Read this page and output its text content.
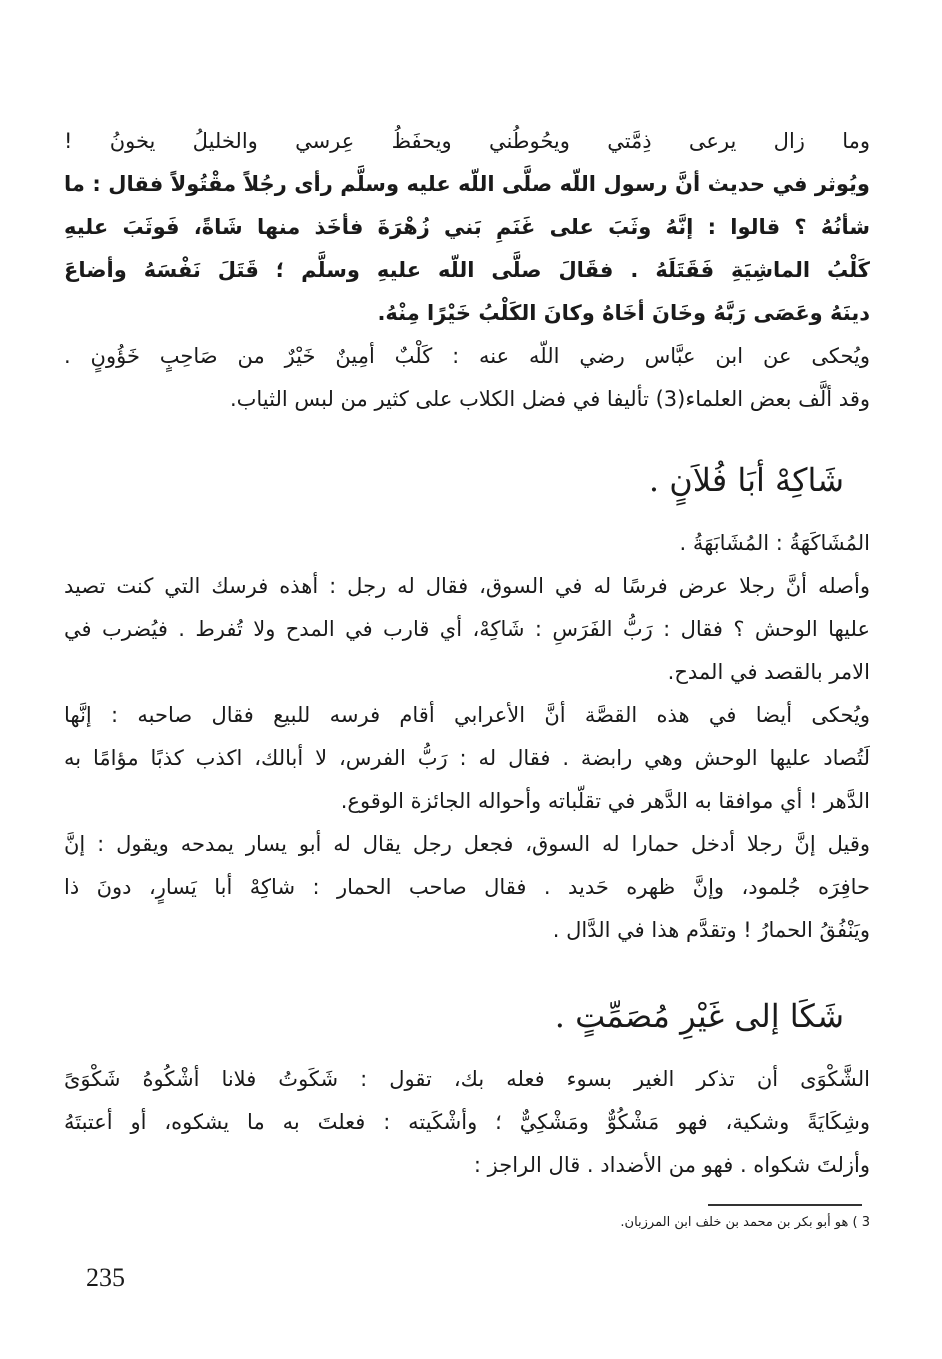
وما زال يرعى ذِمَّتي ويحُوطُني ويحفَظُ عِرسي والخليلُ يخونُ !
ويُوثر في حديث أنَّ رسول اللّه صلَّى اللّه عليه وسلَّم رأى رجُلاً مقْتُولاً فقال : ما
شأنُهُ ؟ قالوا : إنَّهُ وثَبَ على غَنَمِ بَني زُهْرَةَ فأخَذ منها شَاةً، فَوثَبَ عليهِ
كَلْبُ الماشِيَةِ فَقَتَلَهُ . فقَالَ صلَّى اللّه عليهِ وسلَّم ؛ قَتَلَ نَفْسَهُ وأضاعَ
دينَهُ وعَصَى رَبَّهُ وخَانَ أخَاهُ وكانَ الكَلْبُ خَيْرًا مِنْهُ.
ويُحكى عن ابن عبَّاس رضي اللّه عنه : كَلْبٌ أمِينٌ خَيْرٌ من صَاحِبٍ خَؤُونٍ .
وقد ألَّف بعض العلماء(3) تأليفا في فضل الكلاب على كثير من لبس الثياب.
شَاكِهْ أبَا فُلاَنٍ .
المُشَاكَهَةُ : المُشَابَهَةُ .
وأصله أنَّ رجلا عرض فرسًا له في السوق، فقال له رجل : أهذه فرسك التي كنت تصيد
عليها الوحش ؟ فقال : رَبُّ الفَرَسِ : شَاكِهْ، أي قارب في المدح ولا تُفرط . فيُضرب في
الامر بالقصد في المدح.
ويُحكى أيضا في هذه القصَّة أنَّ الأعرابي أقام فرسه للبيع فقال صاحبه : إنَّها
لَتُصاد عليها الوحش وهي رابضة . فقال له : رَبُّ الفرس، لا أبالك، اكذب كذبًا مؤامًا به
الدَّهر ! أي موافقا به الدَّهر في تقلّباته وأحواله الجائزة الوقوع.
وقيل إنَّ رجلا أدخل حمارا له السوق، فجعل رجل يقال له أبو يسار يمدحه ويقول : إنَّ
حافِرَه جُلمود، وإنَّ ظهره حَديد . فقال صاحب الحمار : شاكِهْ أبا يَسارٍ، دونَ ذا
ويَنْفُقُ الحمارُ ! وتقدَّم هذا في الدَّال .
شَكَا إلى غَيْرِ مُصَمِّتٍ .
الشَّكْوَى أن تذكر الغير بسوء فعله بك، تقول : شَكَوتُ فلانا أشْكُوهُ شَكْوَىً
وشِكَايَةً وشكية، فهو مَشْكُوٌّ ومَشْكِيٌّ ؛ وأشْكَيته : فعلتَ به ما يشكوه، أو أعتبتَهُ
وأزلتَ شكواه . فهو من الأضداد . قال الراجز :
3 ) هو أبو بكر بن محمد بن خلف ابن المرزبان.
235
